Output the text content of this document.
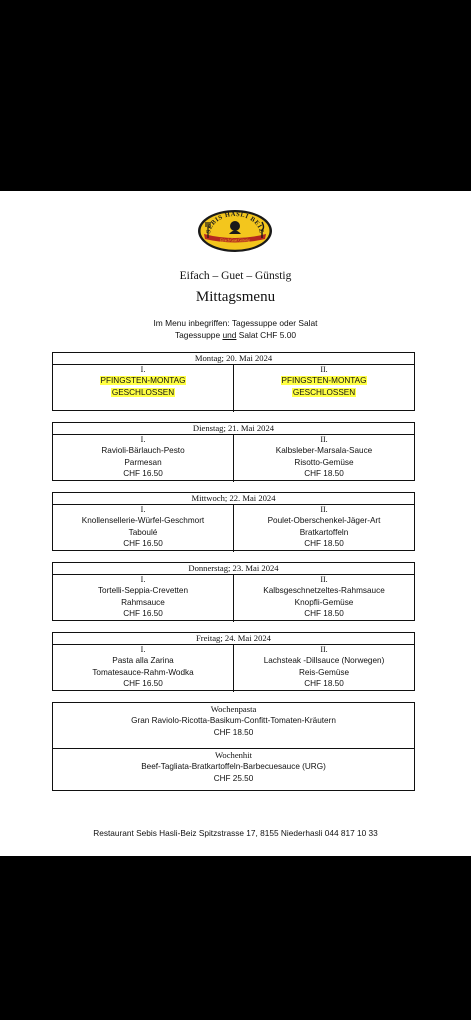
SEBIS HASLI BEIZ
Eifach Guet Günstig
Eifach – Guet – Günstig
Mittagsmenu
Im Menu inbegriffen: Tagessuppe oder Salat
Tagessuppe und Salat CHF 5.00
Montag; 20. Mai 2024
I.
PFINGSTEN-MONTAG
GESCHLOSSEN
II.
PFINGSTEN-MONTAG
GESCHLOSSEN
Dienstag; 21. Mai 2024
I.
Ravioli-Bärlauch-Pesto
Parmesan
CHF 16.50
II.
Kalbsleber-Marsala-Sauce
Risotto-Gemüse
CHF 18.50
Mittwoch; 22. Mai 2024
I.
Knollensellerie-Würfel-Geschmort
Taboulé
CHF 16.50
II.
Poulet-Oberschenkel-Jäger-Art
Bratkartoffeln
CHF 18.50
Donnerstag; 23. Mai 2024
I.
Tortelli-Seppia-Crevetten
Rahmsauce
CHF 16.50
II.
Kalbsgeschnetzeltes-Rahmsauce
Knopfli-Gemüse
CHF 18.50
Freitag; 24. Mai 2024
I.
Pasta alla Zarina
Tomatesauce-Rahm-Wodka
CHF 16.50
II.
Lachsteak -Dillsauce (Norwegen)
Reis-Gemüse
CHF 18.50
Wochenpasta
Gran Raviolo-Ricotta-Basikum-Confitt-Tomaten-Kräutern
CHF 18.50
Wochenhit
Beef-Tagliata-Bratkartoffeln-Barbecuesauce (URG)
CHF 25.50
Restaurant Sebis Hasli-Beiz Spitzstrasse 17, 8155 Niederhasli 044 817 10 33
